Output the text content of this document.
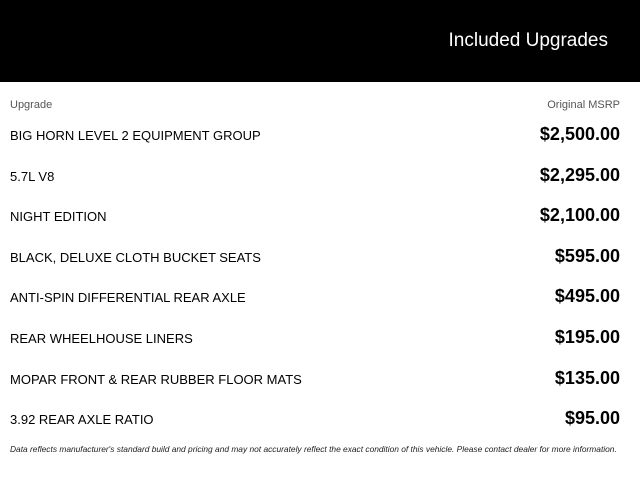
Included Upgrades
Upgrade	Original MSRP
BIG HORN LEVEL 2 EQUIPMENT GROUP	$2,500.00
5.7L V8	$2,295.00
NIGHT EDITION	$2,100.00
BLACK, DELUXE CLOTH BUCKET SEATS	$595.00
ANTI-SPIN DIFFERENTIAL REAR AXLE	$495.00
REAR WHEELHOUSE LINERS	$195.00
MOPAR FRONT & REAR RUBBER FLOOR MATS	$135.00
3.92 REAR AXLE RATIO	$95.00
Data reflects manufacturer's standard build and pricing and may not accurately reflect the exact condition of this vehicle. Please contact dealer for more information.
